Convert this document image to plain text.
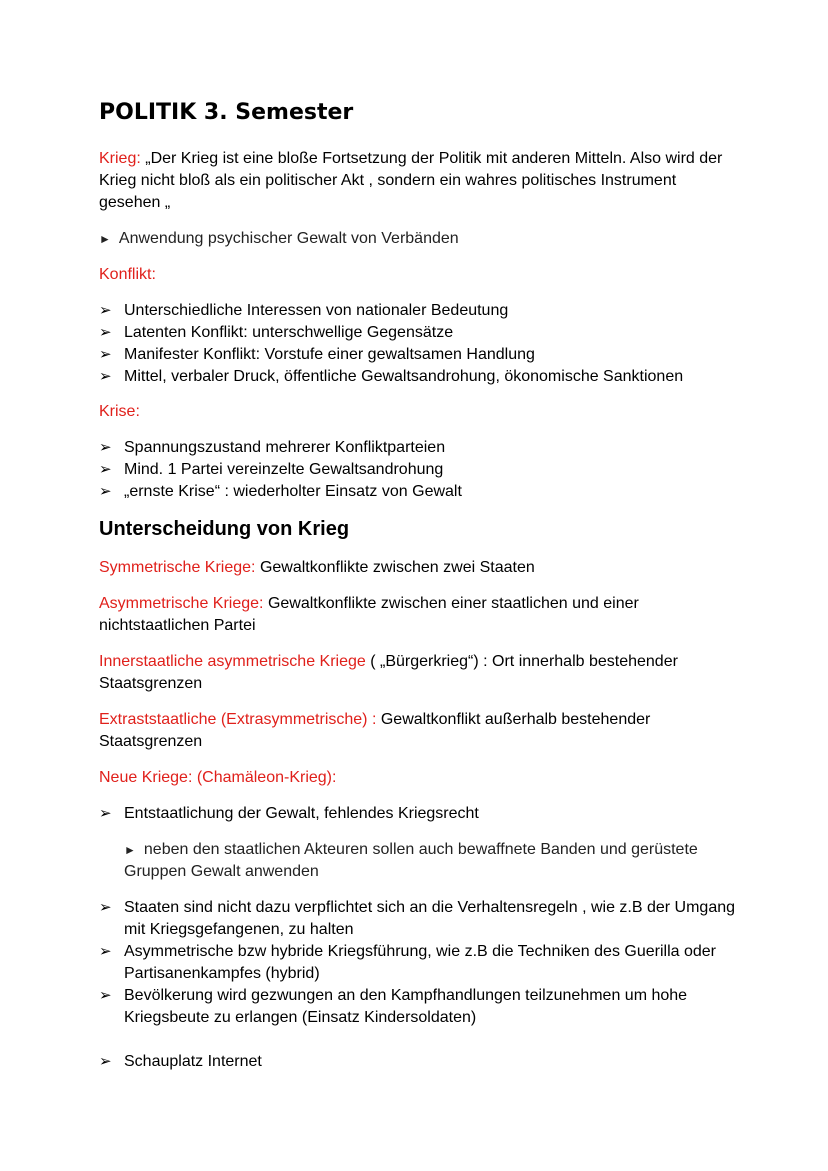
POLITIK 3. Semester

Krieg: „Der Krieg ist eine bloße Fortsetzung der Politik mit anderen Mitteln. Also wird der Krieg nicht bloß als ein politischer Akt , sondern ein wahres politisches Instrument gesehen „

► Anwendung psychischer Gewalt von Verbänden

Konflikt:

➢ Unterschiedliche Interessen von nationaler Bedeutung
➢ Latenten Konflikt: unterschwellige Gegensätze
➢ Manifester Konflikt: Vorstufe einer gewaltsamen Handlung
➢ Mittel, verbaler Druck, öffentliche Gewaltsandrohung, ökonomische Sanktionen

Krise:

➢ Spannungszustand mehrerer Konfliktparteien
➢ Mind. 1 Partei vereinzelte Gewaltsandrohung
➢ „ernste Krise“ : wiederholter Einsatz von Gewalt
Unterscheidung von Krieg

Symmetrische Kriege: Gewaltkonflikte zwischen zwei Staaten

Asymmetrische Kriege: Gewaltkonflikte zwischen einer staatlichen und einer nichtstaatlichen Partei

Innerstaatliche asymmetrische Kriege ( „Bürgerkrieg“) : Ort innerhalb bestehender Staatsgrenzen

Extraststaatliche (Extrasymmetrische) : Gewaltkonflikt außerhalb bestehender Staatsgrenzen

Neue Kriege: (Chamäleon-Krieg):

➢ Entstaatlichung der Gewalt, fehlendes Kriegsrecht

► neben den staatlichen Akteuren sollen auch bewaffnete Banden und gerüstete Gruppen Gewalt anwenden

➢ Staaten sind nicht dazu verpflichtet sich an die Verhaltensregeln , wie z.B der Umgang mit Kriegsgefangenen, zu halten
➢ Asymmetrische bzw hybride Kriegsführung, wie z.B die Techniken des Guerilla oder Partisanenkampfes (hybrid)
➢ Bevölkerung wird gezwungen an den Kampfhandlungen teilzunehmen um hohe Kriegsbeute zu erlangen (Einsatz Kindersoldaten)
➢ Schauplatz Internet
